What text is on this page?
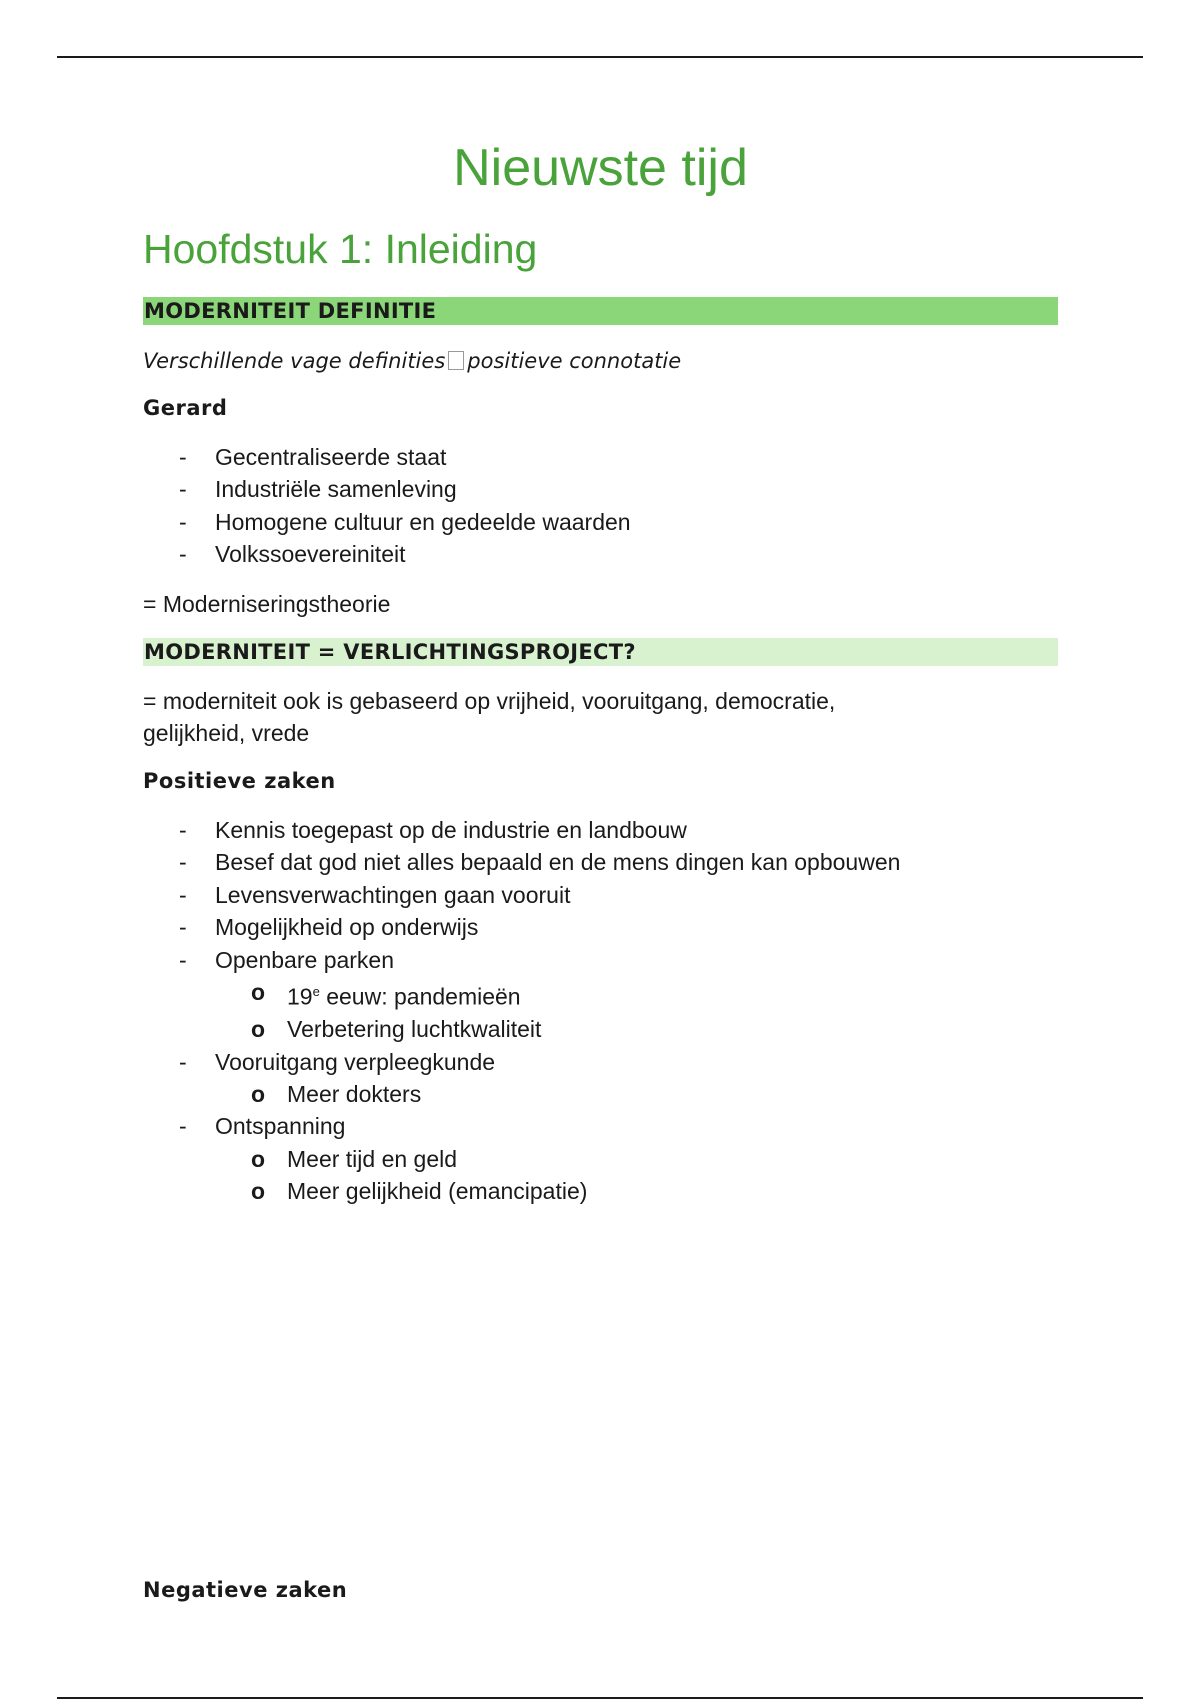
Nieuwste tijd
Hoofdstuk 1: Inleiding
MODERNITEIT DEFINITIE

Verschillende vage definities positieve connotatie

Gerard

- Gecentraliseerde staat
- Industriële samenleving
- Homogene cultuur en gedeelde waarden
- Volkssoevereiniteit

= Moderniseringstheorie

MODERNITEIT = VERLICHTINGSPROJECT?

= moderniteit ook is gebaseerd op vrijheid, vooruitgang, democratie,
gelijkheid, vrede

Positieve zaken

- Kennis toegepast op de industrie en landbouw
- Besef dat god niet alles bepaald en de mens dingen kan opbouwen
- Levensverwachtingen gaan vooruit
- Mogelijkheid op onderwijs
- Openbare parken
o 19e eeuw: pandemieën
o Verbetering luchtkwaliteit
- Vooruitgang verpleegkunde
o Meer dokters
- Ontspanning
o Meer tijd en geld
o Meer gelijkheid (emancipatie)

Negatieve zaken
